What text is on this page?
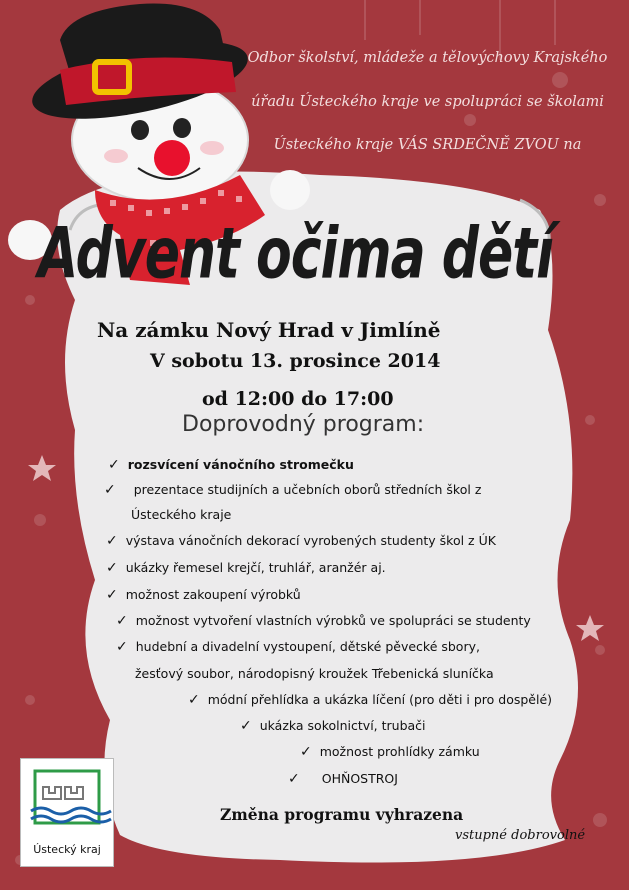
Odbor školství, mládeže a tělovýchovy Krajského
úřadu Ústeckého kraje ve spolupráci se školami
Ústeckého kraje VÁS SRDEČNĚ ZVOU na
Advent očima dětí
Na zámku Nový Hrad v Jimlíně
V sobotu 13. prosince 2014
od 12:00 do 17:00
Doprovodný program:
✓ rozsvícení vánočního stromečku
✓ prezentace studijních a učebních oborů středních škol z
Ústeckého kraje
✓ výstava vánočních dekorací vyrobených studenty škol z ÚK
✓ ukázky řemesel krejčí, truhlář, aranžér aj.
✓ možnost zakoupení výrobků
✓ možnost vytvoření vlastních výrobků ve spolupráci se studenty
✓ hudební a divadelní vystoupení, dětské pěvecké sbory,
žesťový soubor, národopisný kroužek Třebenická sluníčka
✓ módní přehlídka a ukázka líčení (pro děti i pro dospělé)
✓ ukázka sokolnictví, trubači
✓ možnost prohlídky zámku
✓ OHŇOSTROJ
Změna programu vyhrazena
vstupné dobrovolné
Ústecký kraj
